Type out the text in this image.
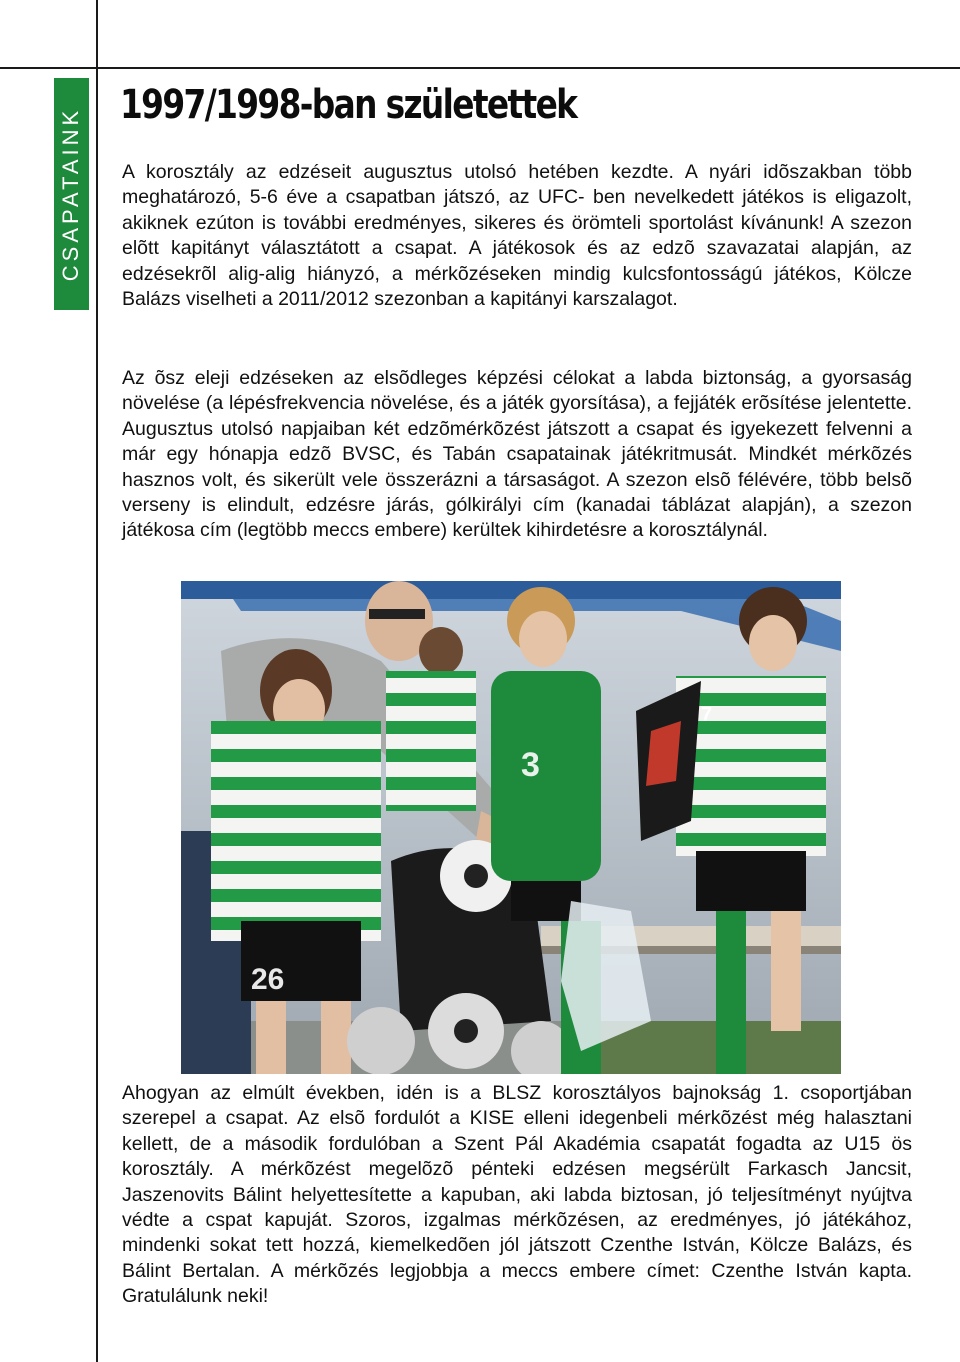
CSAPATAINK
1997/1998-ban születettek

A korosztály az edzéseit augusztus utolsó hetében kezdte. A nyári idõszakban több meghatározó, 5-6 éve a csapatban játszó, az UFC- ben nevelkedett játékos is eligazolt, akiknek ezúton is további eredményes, sikeres és örömteli sportolást kívánunk! A szezon elõtt kapitányt választátott a csapat. A játékosok és az edzõ szavazatai alapján, az edzésekrõl alig-alig hiányzó, a mérkõzéseken mindig kulcsfontosságú játékos, Kölcze Balázs viselheti a 2011/2012 szezonban a kapitányi karszalagot.

Az õsz eleji edzéseken az elsõdleges képzési célokat a labda biztonság, a gyorsaság növelése (a lépésfrekvencia növelése, és a játék gyorsítása), a fejjáték erõsítése jelentette. Augusztus utolsó napjaiban két edzõmérkõzést játszott a csapat és igyekezett felvenni a már egy hónapja edzõ BVSC, és Tabán csapatainak játékritmusát. Mindkét mérkõzés hasznos volt, és sikerült vele összerázni a társaságot. A szezon elsõ félévére, több belsõ verseny is elindult, edzésre járás, gólkirályi cím (kanadai táblázat alapján), a szezon játékosa cím (legtöbb meccs embere) kerültek kihirdetésre a korosztálynál.

26
3
7

Ahogyan az elmúlt években, idén is a BLSZ korosztályos bajnokság 1. csoportjában szerepel a csapat. Az elsõ fordulót a KISE elleni idegenbeli mérkõzést még halasztani kellett, de a második fordulóban a Szent Pál Akadémia csapatát fogadta az U15 ös korosztály. A mérkõzést megelõzõ pénteki edzésen megsérült Farkasch Jancsit, Jaszenovits Bálint helyettesítette a kapuban, aki labda biztosan, jó teljesítményt nyújtva védte a cspat kapuját. Szoros, izgalmas mérkõzésen, az eredményes, jó játékához, mindenki sokat tett hozzá, kiemelkedõen jól játszott Czenthe István, Kölcze Balázs, és Bálint Bertalan. A mérkõzés legjobbja a meccs embere címet: Czenthe István kapta. Gratulálunk neki!
